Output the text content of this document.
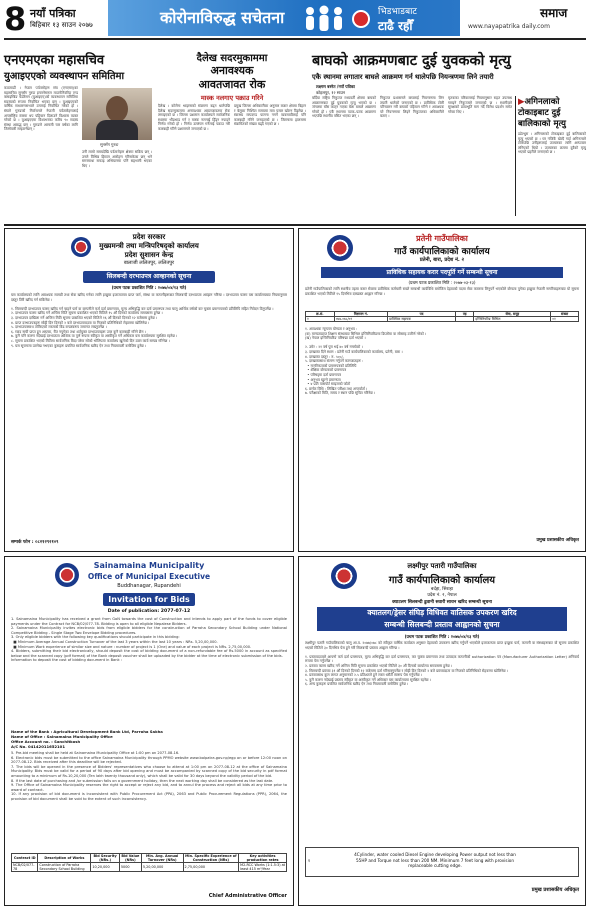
8 नयाँ पत्रिका
बिहिबार १३ साउन २०७७	कोरोनाविरुद्ध सचेतना	भिडभाडबाट
टाढै रहौँ
समाज
www.nayapatrika daily.com
एनएमएका महासचिव
युआइएएको व्यवस्थापन समितिमा
काठमाडौं । नेपाल पर्वतारोहण संघ (एनएमए)का महासचिव सुनसँग गुरुङ इन्टरनेसनल माउन्टेनियरिङ एन्ड क्लाइम्बिङ फेडेरेसन (युआइएए)को व्यवस्थापन समितिमा सदस्यको रूपमा निर्वाचित भएका छन् । युआइएएको वार्षिक साधारणसभाले उनलाई निर्वाचित गरेको हो । संघले गुरुङको निर्वाचनले नेपाली पर्वतारोहणलाई अन्तर्राष्ट्रिय स्तरमा थप पहिचान दिलाउने विश्वास व्यक्त गरेको छ । युआइएएमा विश्वभरका करिब ९० सदस्य संस्था आबद्ध छन् । गुरुङले आगामी चार वर्षका लागि जिम्मेवारी सम्हाल्नेछन् ।
सुनसँग गुरुङ
उनी लामो समयदेखि पर्वतारोहण क्षेत्रमा सक्रिय छन् । उनले विभिन्न हिमाल आरोहण गरिसकेका छन् भने सगरमाथा सफाइ अभियानमा पनि सहभागी भएका थिए ।
दैलेख सदरमुकाममा
अनावश्यक
आवतजावत रोक
मास्क नलगाए पक्राउ गरिने
दैलेख । कोरोना भाइरसको संक्रमण बढ्न थालेपछि दैलेख सदरमुकाममा अनावश्यक आवतजावतमा रोक लगाइएको छ । जिल्ला प्रशासन कार्यालयले सार्वजनिक स्थलमा भीडभाड गर्न र मास्क नलगाई हिँड्न नपाइने निर्णय गरेको हो । निर्णय उल्लंघन गर्नेलाई पक्राउ गरी कारबाही गरिने प्रशासनले जनाएको छ ।
प्रमुख जिल्ला अधिकारीका अनुसार बजार क्षेत्रमा बिहान र बेलुका निश्चित समयमा मात्र पसल खोल्न दिइनेछ । स्वास्थ्य मापदण्ड पालना नगर्ने व्यवसायीलाई पनि कारबाही गरिने जनाइएको छ । जिल्लामा हालसम्म संक्रमितको संख्या बढ्दै गएको छ ।
बाघको आक्रमणबाट दुई युवकको मृत्यु
एकै स्थानमा लगातार बाघले आक्रमण गर्न थालेपछि नियन्त्रणमा लिने तयारी
लक्ष्मण बस्नेत /नयाँ पत्रिका
कोहलपुर, १२ साउन
बर्दिया राष्ट्रिय निकुञ्ज मध्यवर्ती क्षेत्रमा बाघको आक्रमणबाट दुई युवकको मृत्यु भएको छ । जंगलमा घाँस काट्न गएका बेला बाघले आक्रमण गरेको हो । एकै स्थानमा पटक–पटक आक्रमण भएपछि स्थानीय त्रसित भएका छन् ।
निकुञ्ज प्रशासनले बाघलाई नियन्त्रणमा लिन तयारी थालेको जनाएको छ । प्राविधिक टोली परिचालन गरी बाघको पहिचान गरिने र आवश्यक परे नियन्त्रणमा लिइने निकुञ्जका अधिकारीले बताए ।
मृतकका परिवारलाई नियमानुसार राहत उपलब्ध गराइने निकुञ्जले जनाएको छ । स्थानीयले सुरक्षाको प्रत्याभूति माग गर्दै विरोध प्रदर्शन समेत गरेका थिए ।
▶अगिनलाको
टोकाइबाट दुई
बालिकाको मृत्यु
डडेल्धुरा । अगिनलाको टोकाइबाट दुई बालिकाको मृत्यु भएको छ । घर नजिकै खेल्दै गर्दा अगिनलाले टोकेपछि उनीहरूलाई उपचारका लागि अस्पताल लगिएको थियो । उपचारका क्रममा दुवैको मृत्यु भएको प्रहरीले जनाएको छ ।
प्रदेश सरकार
मुख्यमन्त्री तथा मन्त्रिपरिषद्को कार्यालय
प्रदेश सुशासन केन्द्र
बालाजी ललितपुर, ललितपुर
सिलबन्दी दरभाउपत्र आव्हानको सूचना
(प्रथम पटक प्रकाशित मिति : २०७७/०४/१३ गते)
यस कार्यालयको लागि आवश्यक सामग्री तथा सेवा खरिद गर्नका लागि इच्छुक इजाजतपत्र प्राप्त फर्म, संस्था वा कम्पनीहरूबाट सिलबन्दी दरभाउपत्र आव्हान गरिन्छ । दरभाउपत्र फारम यस कार्यालयबाट नियमानुसार दस्तुर तिरी खरिद गर्न सकिनेछ ।

१. सिलबन्दी दरभाउपत्र फारम खरिद गर्न चाहने फर्म वा कम्पनीले फर्म दर्ता प्रमाणपत्र, मूल्य अभिवृद्धि कर दर्ता प्रमाणपत्र तथा चालु आर्थिक वर्षको कर चुक्ता प्रमाणपत्रको प्रतिलिपि सहित निवेदन दिनुपर्नेछ ।
२. दरभाउपत्र फारम खरिद गर्ने अन्तिम मिति सूचना प्रकाशित भएको मितिले १५ औं दिनको कार्यालय समयसम्म हुनेछ ।
३. दरभाउपत्र दाखिला गर्ने अन्तिम मिति सूचना प्रकाशित भएको मितिले १६ औं दिनको दिनको १२ बजेसम्म हुनेछ ।
४. प्राप्त दरभाउपत्रहरू सोही दिन दिनको २ बजे दरभाउपत्रदाता वा निजको प्रतिनिधिको रोहवरमा खोलिनेछ ।
५. दरभाउपत्रसाथ तोकिएको रकमको बिड बन्डस्वरूप जमानत राख्नुपर्नेछ ।
६. म्याद नाघी प्राप्त हुन आएका, रीत नपुगेका तथा शर्तयुक्त दरभाउपत्रहरू उपर कुनै कारबाही गरिने छैन ।
७. कुनै पनि कारण नदेखाई दरभाउपत्र आंशिक वा पूर्ण रूपमा स्वीकृत वा अस्वीकृत गर्ने अधिकार यस कार्यालयमा सुरक्षित रहनेछ ।
८. सूचना प्रकाशित भएको मितिमा सार्वजनिक बिदा परेमा सोको भोलिपल्ट कार्यालय खुलेको दिन उक्त कार्य सम्पन्न गरिनेछ ।
९. यस सूचनामा उल्लेख नभएका कुराहरू प्रचलित सार्वजनिक खरिद ऐन तथा नियमावली बमोजिम हुनेछ ।
सम्पर्क फोन : ०८२१२९२१०९
प्रतेनी गाउँपालिका
गाउँ कार्यपालिकाको कार्यालय
प्रतेनी, बारा, प्रदेश नं. २
प्राविधिक सहायक करार पदपूर्ति गर्ने सम्बन्धी सूचना
(प्रथम पटक प्रकाशित मिति : २०७७-०३-१३)
प्रतेनी गाउँपालिकाको लागि स्थानीय तहमा करार सेवामा प्राविधिक कर्मचारी राख्ने सम्बन्धी कार्यविधि बमोजिम देहायको पदमा सेवा करारमा लिनुपर्ने भएकोले योग्यता पुगेका इच्छुक नेपाली नागरिकहरूबाट यो सूचना प्रकाशित भएको मितिले १५ दिनभित्र दरखास्त आह्वान गरिन्छ ।
क्र.सं.	विज्ञापन नं.	पद	तह	सेवा, समूह	संख्या
१	०७७-०७८/०१	प्राविधिक सहायक		इन्जिनियरिङ सिभिल	०१
१. आवश्यक न्यूनतम योग्यता र अनुभव :
(क) मान्यताप्राप्त शिक्षण संस्थाबाट सिभिल इन्जिनियरिङमा डिप्लोमा वा सोसरह उत्तीर्ण गरेको ।
(ख) नेपाल इन्जिनियरिङ परिषद्मा दर्ता भएको ।

२. उमेर : २१ वर्ष पूरा भई ४० वर्ष ननाघेको ।
३. दरखास्त दिने स्थान : प्रतेनी गाउँ कार्यपालिकाको कार्यालय, प्रतेनी, बारा ।
४. दरखास्त दस्तुर : रु. ५००/-
५. दरखास्तसाथ संलग्न गर्नुपर्ने कागजातहरू :
• नागरिकताको प्रमाणपत्रको प्रतिलिपि
• शैक्षिक योग्यताको प्रमाणपत्र
• परिषद्‌मा दर्ता प्रमाणपत्र
• अनुभव खुल्ने प्रमाणपत्र
• ४ प्रति पासपोर्ट साइजको फोटो
६. छनोट विधि : लिखित परीक्षा तथा अन्तर्वार्ता ।
७. परीक्षाको मिति, समय र स्थान पछि सूचित गरिनेछ ।
प्रमुख प्रशासकीय अधिकृत
Sainamaina Municipality
Office of Municipal Executive
Buddhanagar, Rupandehi
Invitation for Bids
Date of publication: 2077-07-12
1. Sainamaina Municipality has received a grant from GoN towards the cost of Construction and intends to apply part of the funds to cover eligible payments under the Contract for NCB/02/077-78. Bidding is open to all eligible Nepalese Bidders.
2. Sainamaina Municipality invites electronic bids from eligible bidders for the construction of Parroha Secondary School Building under National Competitive Bidding - Single Stage Two Envelope Bidding procedures.
3. Only eligible bidders with the following key qualifications should participate in this bidding:
■ Minimum Average Annual Construction Turnover of the last 3 years within the last 10 years : NRs. 5,20,00,000.
■ Minimum Work experience of similar size and nature : number of project is 1 (One) and value of each project is NRs. 2,75,00,000.
4. Bidders, submitting their bid electronically, should deposit the cost of bidding document of a non-refundable fee of Rs.5000 in account as specified below and the scanned copy (pdf format) of the Bank deposit voucher shall be uploaded by the bidder at the time of electronic submission of the bids.
Information to deposit the cost of bidding document in Bank :
Name of the Bank : Agricultural Development Bank Ltd, Parroha Sakha
Name of Office : Sainamaina Municipality Office
Office Account no. : Sanchitkosh
A/C No. 04142011652101
5. Pre-bid meeting shall be held at Sainamaina Municipality Office at 1:00 pm on 2077-08-16.
6. Electronic bids must be submitted to the office Sainamaina Municipality through PPMO website www.bolpatra.gov.np/egp on or before 12:00 noon on 2077-08-12. Bids received after this deadline will be rejected.
7. The bids will be opened in the presence of Bidders' representatives who choose to attend at 1:00 pm on 2077-08-12 at the office of Sainamaina Municipality. Bids must be valid for a period of 90 days after bid opening and must be accompanied by scanned copy of the bid security in pdf format amounting to a minimum of Rs.10,20,000 (Ten lakh twenty thousand only), which shall be valid for 30 days beyond the validity period of the bid.
8. If the last date of purchasing and /or submission falls on a government holiday, then the next working day shall be considered as the last date.
9. The Office of Sainamaina Municipality reserves the right to accept or reject any bid, and to annul the process and reject all bids at any time prior to award of contract.
10. If any provision of bid document is inconsistent with Public Procurement Act (PPA), 2063 and Public Procurement Regulations (PPR), 2064, the provision of bid document shall be void to the extent of such inconsistency.
Contract ID	Description of Works	Bid Security (NRs.)	Bid Value (NRs)	Min. Avg. Annual Turnover (NRs)	Min. Specific Experience of Construction (NRs)	Key activities production rates
NCB/02/077-78	Construction of Parroha Secondary School Building	10,20,000	5000	5,20,00,000	2,75,00,000	M2-RCC Works (1:1.5:3) at least 415 m³/Year
Chief Administrative Officer
लक्ष्मीपुर पतारी गाउँपालिका
गाउँ कार्यपालिकाको कार्यालय
बर्दहा, सिराहा
प्रदेश नं. २, नेपाल
क्याटलग सिलबन्दी ढुवानी सवारी साधन खरिद सम्बन्धी सूचना
क्यातलग/ड्रेसर संघिड़ विधिवत वातिसक उपकरण खरिद
सम्बन्धी सिलबन्दी प्रस्ताव आह्वानको सुचना
(प्रथम पटक प्रकाशित मिति : २०७७/०४/१३ गते)
लक्ष्मीपुर पतारी गाउँपालिकाको चालु आ.व. २०७७/०७८ को स्वीकृत वार्षिक कार्यक्रम अनुसार देहायको उपकरण खरिद गर्नुपर्ने भएकोले इजाजतपत्र प्राप्त इच्छुक फर्म, कम्पनी वा संस्थाहरूबाट यो सूचना प्रकाशित भएको मितिले ३० दिनभित्र पेस हुने गरी सिलबन्दी प्रस्ताव आह्वान गरिन्छ ।

१. प्रस्तावदाताले आफ्नो फर्म दर्ता प्रमाणपत्र, मूल्य अभिवृद्धि कर दर्ता प्रमाणपत्र, कर चुक्ता प्रमाणपत्र तथा उत्पादक कम्पनीको authorization पत्र (Manufacturer Authorization Letter) अनिवार्य रूपमा पेस गर्नुपर्नेछ ।
२. प्रस्ताव फारम खरिद गर्ने अन्तिम मिति सूचना प्रकाशित भएको मितिले ३० औं दिनको कार्यालय समयसम्म हुनेछ ।
३. सिलबन्दी प्रस्ताव ३१ औं दिनको दिनको १२ बजेसम्म दर्ता गरिसक्नुपर्नेछ र सोही दिन दिनको २ बजे प्रस्तावदाता वा निजको प्रतिनिधिको रोहवरमा खोलिनेछ ।
४. प्रस्तावसाथ कुल लागत अनुमानको २.५ प्रतिशतले हुने रकम धरौटी स्वरूप पेस गर्नुपर्नेछ ।
५. कुनै कारण नदेखाई प्रस्ताव स्वीकृत वा अस्वीकृत गर्ने अधिकार यस कार्यालयमा सुरक्षित रहनेछ ।
६. अन्य कुराहरू प्रचलित सार्वजनिक खरिद ऐन तथा नियमावली बमोजिम हुनेछ ।
१
4Cylinder, water cooled Diesel Engine developing Power output not less than 55HP and Torque not less than 200 NM. Minimum 7 feet long with provision replaceable cutting edge.
प्रमुख प्रशासकीय अधिकृत
